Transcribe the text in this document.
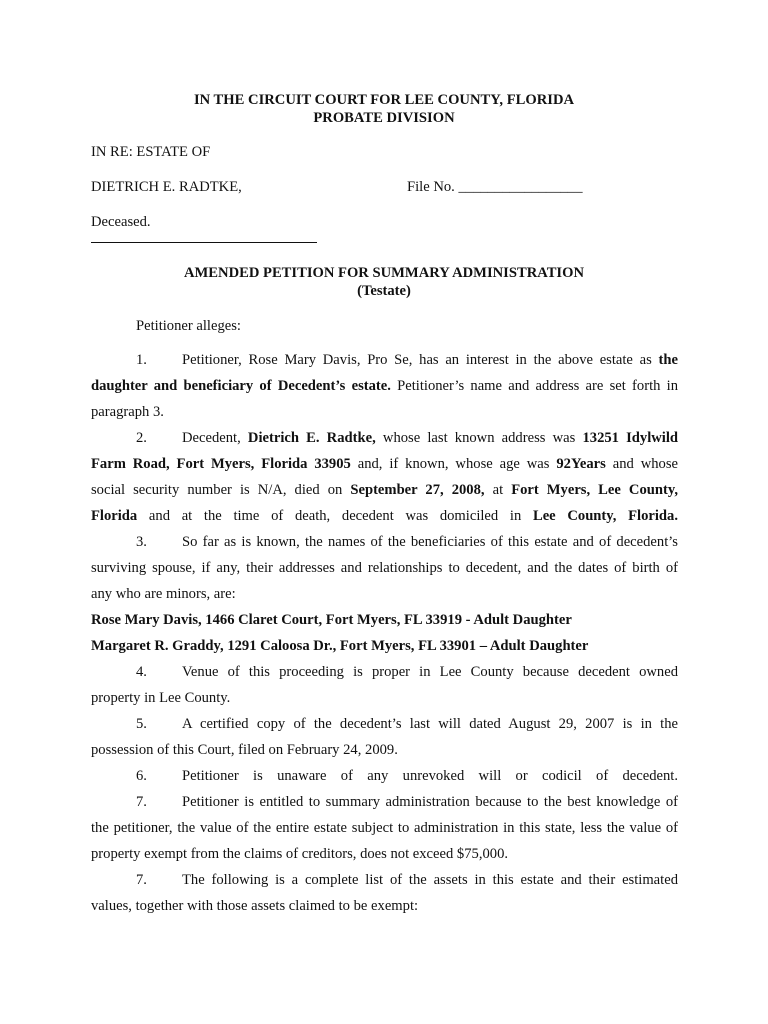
IN THE CIRCUIT COURT FOR LEE COUNTY, FLORIDA
PROBATE DIVISION
IN RE: ESTATE OF
DIETRICH E. RADTKE,	File No. _________________
Deceased.
AMENDED PETITION FOR SUMMARY ADMINISTRATION
(Testate)
Petitioner alleges:
1. Petitioner, Rose Mary Davis, Pro Se, has an interest in the above estate as the
daughter and beneficiary of Decedent’s estate. Petitioner’s name and address are set forth in
paragraph 3.
2. Decedent, Dietrich E. Radtke, whose last known address was 13251 Idylwild
Farm Road, Fort Myers, Florida 33905 and, if known, whose age was 92Years and whose
social security number is N/A, died on September 27, 2008, at Fort Myers, Lee County,
Florida and at the time of death, decedent was domiciled in Lee County, Florida.
3. So far as is known, the names of the beneficiaries of this estate and of decedent’s
surviving spouse, if any, their addresses and relationships to decedent, and the dates of birth of
any who are minors, are:
Rose Mary Davis, 1466 Claret Court, Fort Myers, FL 33919 - Adult Daughter
Margaret R. Graddy, 1291 Caloosa Dr., Fort Myers, FL 33901 – Adult Daughter
4. Venue of this proceeding is proper in Lee County because decedent owned
property in Lee County.
5. A certified copy of the decedent’s last will dated August 29, 2007 is in the
possession of this Court, filed on February 24, 2009.
6. Petitioner is unaware of any unrevoked will or codicil of decedent.
7. Petitioner is entitled to summary administration because to the best knowledge of
the petitioner, the value of the entire estate subject to administration in this state, less the value of
property exempt from the claims of creditors, does not exceed $75,000.
7. The following is a complete list of the assets in this estate and their estimated
values, together with those assets claimed to be exempt:
